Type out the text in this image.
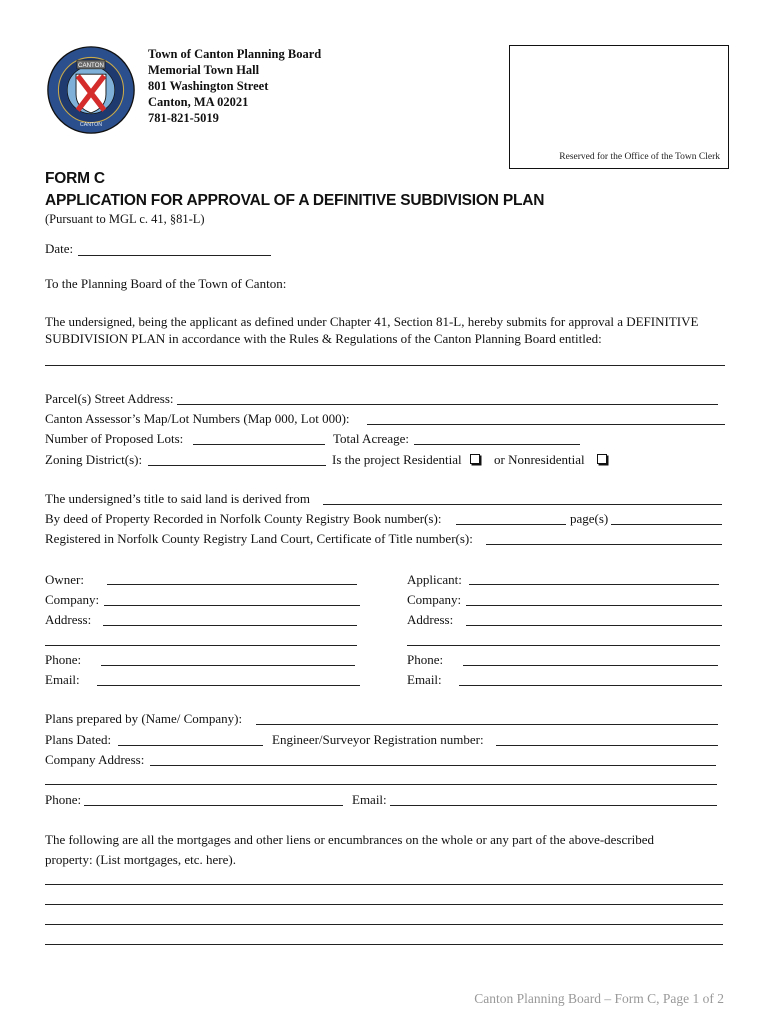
CANTON
CANTON
Town of Canton Planning Board
Memorial Town Hall
801 Washington Street
Canton, MA 02021
781-821-5019
Reserved for the Office of the Town Clerk
FORM C
APPLICATION FOR APPROVAL OF A DEFINITIVE SUBDIVISION PLAN
(Pursuant to MGL c. 41, §81-L)
Date:
To the Planning Board of the Town of Canton:
The undersigned, being the applicant as defined under Chapter 41, Section 81-L, hereby submits for approval a DEFINITIVE
SUBDIVISION PLAN in accordance with the Rules & Regulations of the Canton Planning Board entitled:
Parcel(s) Street Address:
Canton Assessor’s Map/Lot Numbers (Map 000, Lot 000):
Number of Proposed Lots:	Total Acreage:
Zoning District(s):	Is the project Residential or Nonresidential
The undersigned’s title to said land is derived from
By deed of Property Recorded in Norfolk County Registry Book number(s):	page(s)
Registered in Norfolk County Registry Land Court, Certificate of Title number(s):
Owner:	Applicant:
Company:	Company:
Address:	Address:
Phone:	Phone:
Email:	Email:
Plans prepared by (Name/ Company):
Plans Dated:	Engineer/Surveyor Registration number:
Company Address:
Phone:	Email:
The following are all the mortgages and other liens or encumbrances on the whole or any part of the above-described
property: (List mortgages, etc. here).
Canton Planning Board – Form C, Page 1 of 2
